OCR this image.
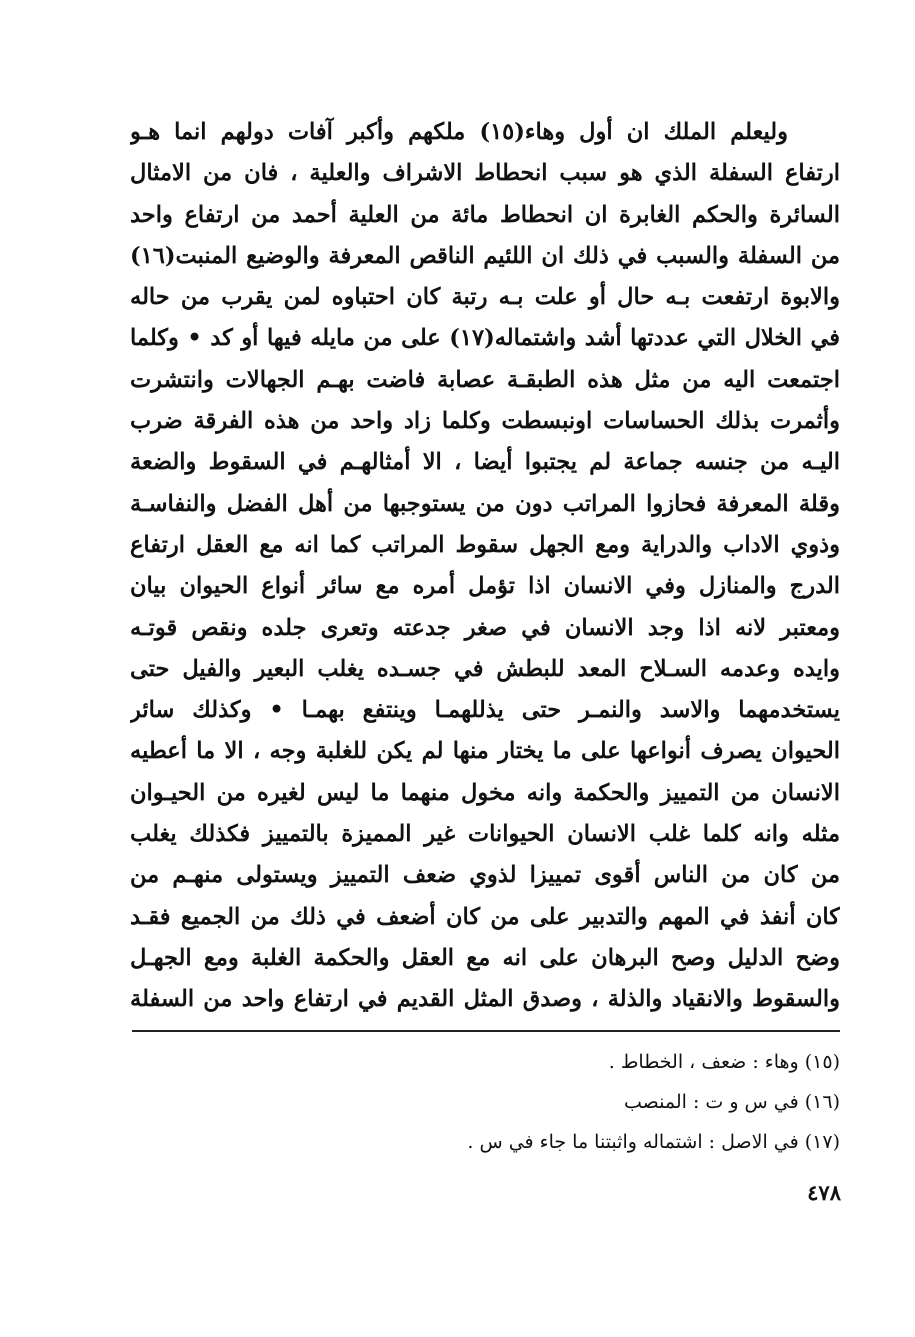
وليعلم الملك ان أول وهاء(١٥) ملكهم وأكبر آفات دولهم انما هـو
ارتفاع السفلة الذي هو سبب انحطاط الاشراف والعلية ، فان من الامثال
السائرة والحكم الغابرة ان انحطاط مائة من العلية أحمد من ارتفاع واحد
من السفلة والسبب في ذلك ان اللئيم الناقص المعرفة والوضيع المنبت(١٦)
والابوة ارتفعت بـه حال أو علت بـه رتبة كان احتباوه لمن يقرب من حاله
في الخلال التي عددتها أشد واشتماله(١٧) على من مايله فيها أو كد • وكلما
اجتمعت اليه من مثل هذه الطبقـة عصابة فاضت بهـم الجهالات وانتشرت
وأثمرت بذلك الحساسات اونبسطت وكلما زاد واحد من هذه الفرقة ضرب
اليـه من جنسه جماعة لم يجتبوا أيضا ، الا أمثالهـم في السقوط والضعة
وقلة المعرفة فحازوا المراتب دون من يستوجبها من أهل الفضل والنفاسـة
وذوي الاداب والدراية ومع الجهل سقوط المراتب كما انه مع العقل ارتفاع
الدرج والمنازل وفي الانسان اذا تؤمل أمره مع سائر أنواع الحيوان بيان
ومعتبر لانه اذا وجد الانسان في صغر جدعته وتعرى جلده ونقص قوتـه
وايده وعدمه السـلاح المعد للبطش في جسـده يغلب البعير والفيل حتى
يستخدمهما والاسد والنمـر حتى يذللهمـا وينتفع بهمـا • وكذلك سائر
الحيوان يصرف أنواعها على ما يختار منها لم يكن للغلبة وجه ، الا ما أعطيه
الانسان من التمييز والحكمة وانه مخول منهما ما ليس لغيره من الحيـوان
مثله وانه كلما غلب الانسان الحيوانات غير المميزة بالتمييز فكذلك يغلب
من كان من الناس أقوى تمييزا لذوي ضعف التمييز ويستولى منهـم من
كان أنفذ في المهم والتدبير على من كان أضعف في ذلك من الجميع فقـد
وضح الدليل وصح البرهان على انه مع العقل والحكمة الغلبة ومع الجهـل
والسقوط والانقياد والذلة ، وصدق المثل القديم في ارتفاع واحد من السفلة
(١٥) وهاء : ضعف ، الخطاط .
(١٦) في س و ت : المنصب
(١٧) في الاصل : اشتماله واثبتنا ما جاء في س .
٤٧٨
